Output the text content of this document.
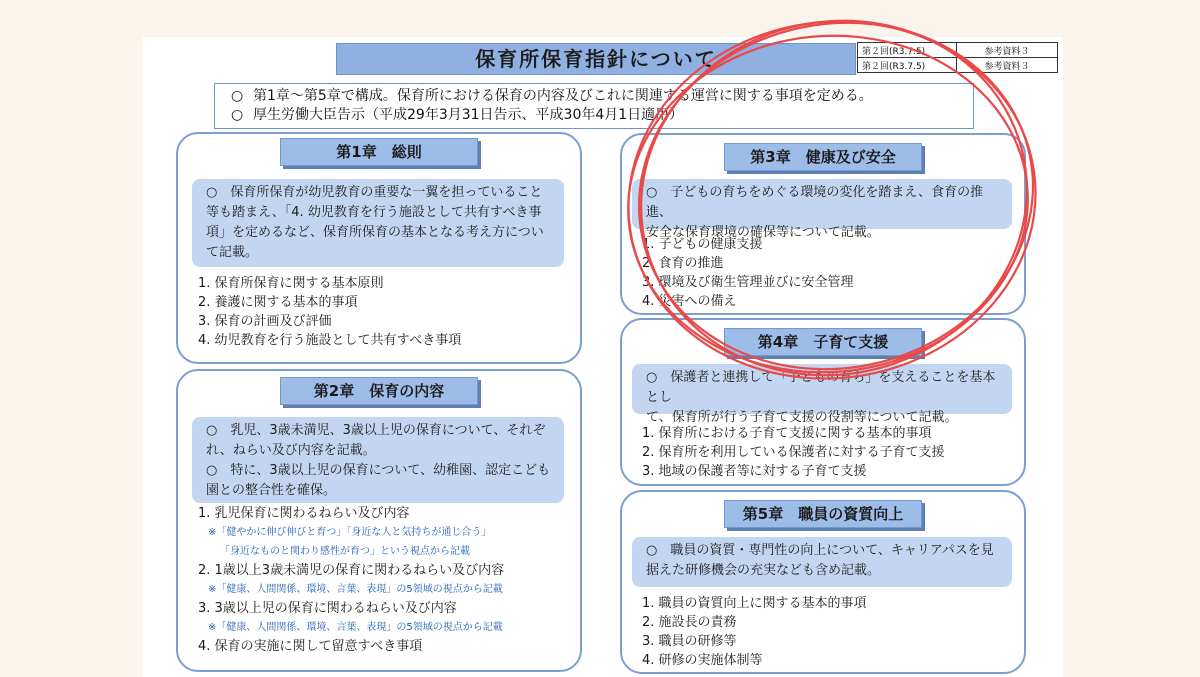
保育所保育指針について	第２回(R3.7.5)	参考資料３
第２回(R3.7.5)	参考資料３
○ 第1章～第5章で構成。保育所における保育の内容及びこれに関連する運営に関する事項を定める。
○ 厚生労働大臣告示（平成29年3月31日告示、平成30年4月1日適用）
第1章　総則
○　保育所保育が幼児教育の重要な一翼を担っていること
等も踏まえ、「4. 幼児教育を行う施設として共有すべき事
項」を定めるなど、保育所保育の基本となる考え方につい
て記載。
1. 保育所保育に関する基本原則
2. 養護に関する基本的事項
3. 保育の計画及び評価
4. 幼児教育を行う施設として共有すべき事項
第2章　保育の内容
○　乳児、3歳未満児、3歳以上児の保育について、それぞ
れ、ねらい及び内容を記載。
○　特に、3歳以上児の保育について、幼稚園、認定こども
園との整合性を確保。
1. 乳児保育に関わるねらい及び内容
※「健やかに伸び伸びと育つ」「身近な人と気持ちが通じ合う」
「身近なものと関わり感性が育つ」という視点から記載
2. 1歳以上3歳未満児の保育に関わるねらい及び内容
※「健康、人間関係、環境、言葉、表現」の5領域の視点から記載
3. 3歳以上児の保育に関わるねらい及び内容
※「健康、人間関係、環境、言葉、表現」の5領域の視点から記載
4. 保育の実施に関して留意すべき事項
第3章　健康及び安全
○　子どもの育ちをめぐる環境の変化を踏まえ、食育の推進、
安全な保育環境の確保等について記載。
1. 子どもの健康支援
2. 食育の推進
3. 環境及び衛生管理並びに安全管理
4. 災害への備え
第4章　子育て支援
○　保護者と連携して「子どもの育ち」を支えることを基本とし
て、保育所が行う子育て支援の役割等について記載。
1. 保育所における子育て支援に関する基本的事項
2. 保育所を利用している保護者に対する子育て支援
3. 地域の保護者等に対する子育て支援
第5章　職員の資質向上
○　職員の資質・専門性の向上について、キャリアパスを見
据えた研修機会の充実なども含め記載。
1. 職員の資質向上に関する基本的事項
2. 施設長の責務
3. 職員の研修等
4. 研修の実施体制等
